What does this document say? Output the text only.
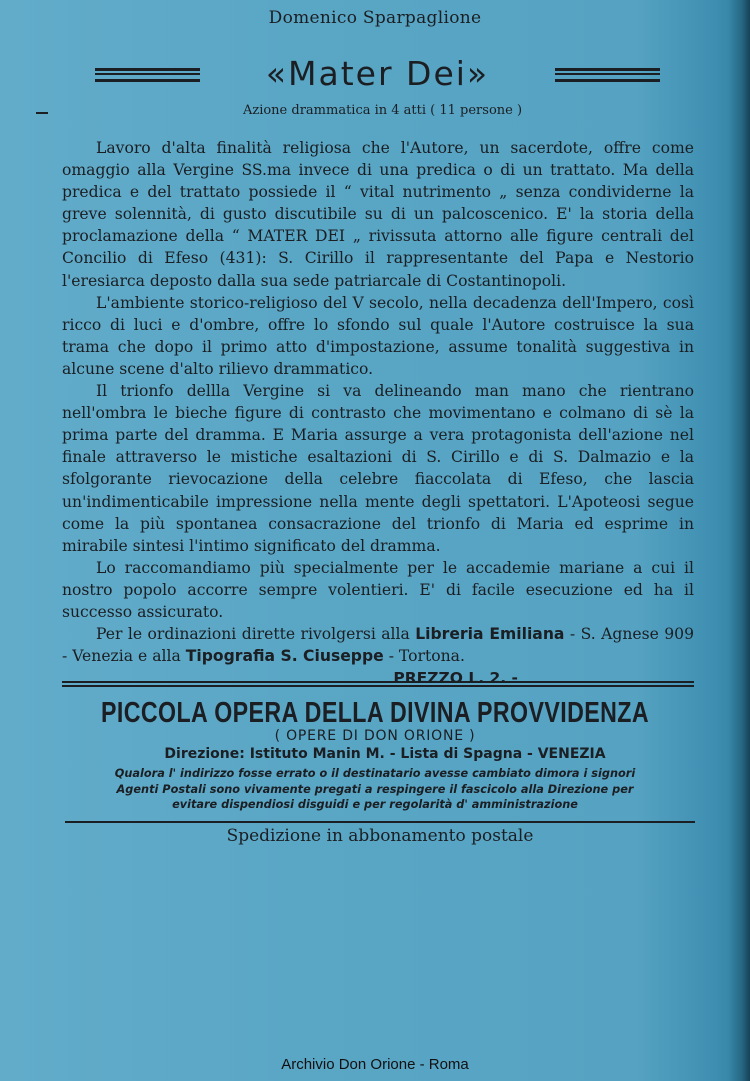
Domenico Sparpaglione
«Mater Dei»
Azione drammatica in 4 atti ( 11 persone )

Lavoro d'alta finalità religiosa che l'Autore, un sacerdote, offre come omaggio alla Vergine SS.ma invece di una predica o di un trattato. Ma della predica e del trattato possiede il “ vital nutrimento „ senza condividerne la greve solennità, di gusto discutibile su di un palcoscenico. E' la storia della proclamazione della “ MATER DEI „ rivissuta attorno alle figure centrali del Concilio di Efeso (431): S. Cirillo il rappresentante del Papa e Nestorio l'eresiarca deposto dalla sua sede patriarcale di Costantinopoli.

L'ambiente storico-religioso del V secolo, nella decadenza dell'Impero, così ricco di luci e d'ombre, offre lo sfondo sul quale l'Autore costruisce la sua trama che dopo il primo atto d'impostazione, assume tonalità suggestiva in alcune scene d'alto rilievo drammatico.

Il trionfo dellla Vergine si va delineando man mano che rientrano nell'ombra le bieche figure di contrasto che movimentano e colmano di sè la prima parte del dramma. E Maria assurge a vera protagonista dell'azione nel finale attraverso le mistiche esaltazioni di S. Cirillo e di S. Dalmazio e la sfolgorante rievocazione della celebre fiaccolata di Efeso, che lascia un'indimenticabile impressione nella mente degli spettatori. L'Apoteosi segue come la più spontanea consacrazione del trionfo di Maria ed esprime in mirabile sintesi l'intimo significato del dramma.

Lo raccomandiamo più specialmente per le accademie mariane a cui il nostro popolo accorre sempre volentieri. E' di facile esecuzione ed ha il successo assicurato.

Per le ordinazioni dirette rivolgersi alla Libreria Emiliana - S. Agnese 909 - Venezia e alla Tipografia S. Ciuseppe - Tortona.

PREZZO L. 2. -
PICCOLA OPERA DELLA DIVINA PROVVIDENZA
( OPERE DI DON ORIONE )
Direzione: Istituto Manin M. - Lista di Spagna - VENEZIA
Qualora l' indirizzo fosse errato o il destinatario avesse cambiato dimora i signori
Agenti Postali sono vivamente pregati a respingere il fascicolo alla Direzione per
evitare dispendiosi disguidi e per regolarità d' amministrazione
Spedizione in abbonamento postale
Archivio Don Orione - Roma
